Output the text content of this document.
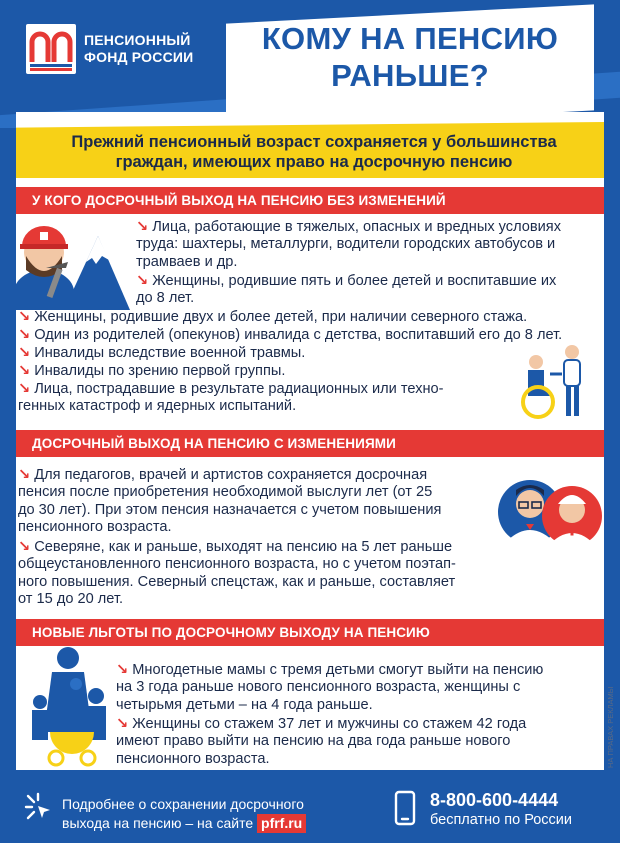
ПЕНСИОННЫЙ
ФОНД РОССИИ
КОМУ НА ПЕНСИЮ
РАНЬШЕ?
Прежний пенсионный возраст сохраняется у большинства
граждан, имеющих право на досрочную пенсию
У КОГО ДОСРОЧНЫЙ ВЫХОД НА ПЕНСИЮ БЕЗ ИЗМЕНЕНИЙ
↘ Лица, работающие в тяжелых, опасных и вредных условиях
труда: шахтеры, металлурги, водители городских автобусов и
трамваев и др.
↘ Женщины, родившие пять и более детей и воспитавшие их
до 8 лет.
↘ Женщины, родившие двух и более детей, при наличии северного стажа.
↘ Один из родителей (опекунов) инвалида с детства, воспитавший его до 8 лет.
↘ Инвалиды вследствие военной травмы.
↘ Инвалиды по зрению первой группы.
↘ Лица, пострадавшие в результате радиационных или техно-
генных катастроф и ядерных испытаний.
ДОСРОЧНЫЙ ВЫХОД НА ПЕНСИЮ С ИЗМЕНЕНИЯМИ
↘ Для педагогов, врачей и артистов сохраняется досрочная
пенсия после приобретения необходимой выслуги лет (от 25
до 30 лет). При этом пенсия назначается с учетом повышения
пенсионного возраста.
↘ Северяне, как и раньше, выходят на пенсию на 5 лет раньше
общеустановленного пенсионного возраста, но с учетом поэтап-
ного повышения. Северный спецстаж, как и раньше, составляет
от 15 до 20 лет.
НОВЫЕ ЛЬГОТЫ ПО ДОСРОЧНОМУ ВЫХОДУ НА ПЕНСИЮ
↘ Многодетные мамы с тремя детьми смогут выйти на пенсию
на 3 года раньше нового пенсионного возраста, женщины с
четырьмя детьми – на 4 года раньше.
↘ Женщины со стажем 37 лет и мужчины со стажем 42 года
имеют право выйти на пенсию на два года раньше нового
пенсионного возраста.	НА ПРАВАХ РЕКЛАМЫ
Подробнее о сохранении досрочного
выхода на пенсию – на сайте pfrf.ru
8-800-600-4444
бесплатно по России
